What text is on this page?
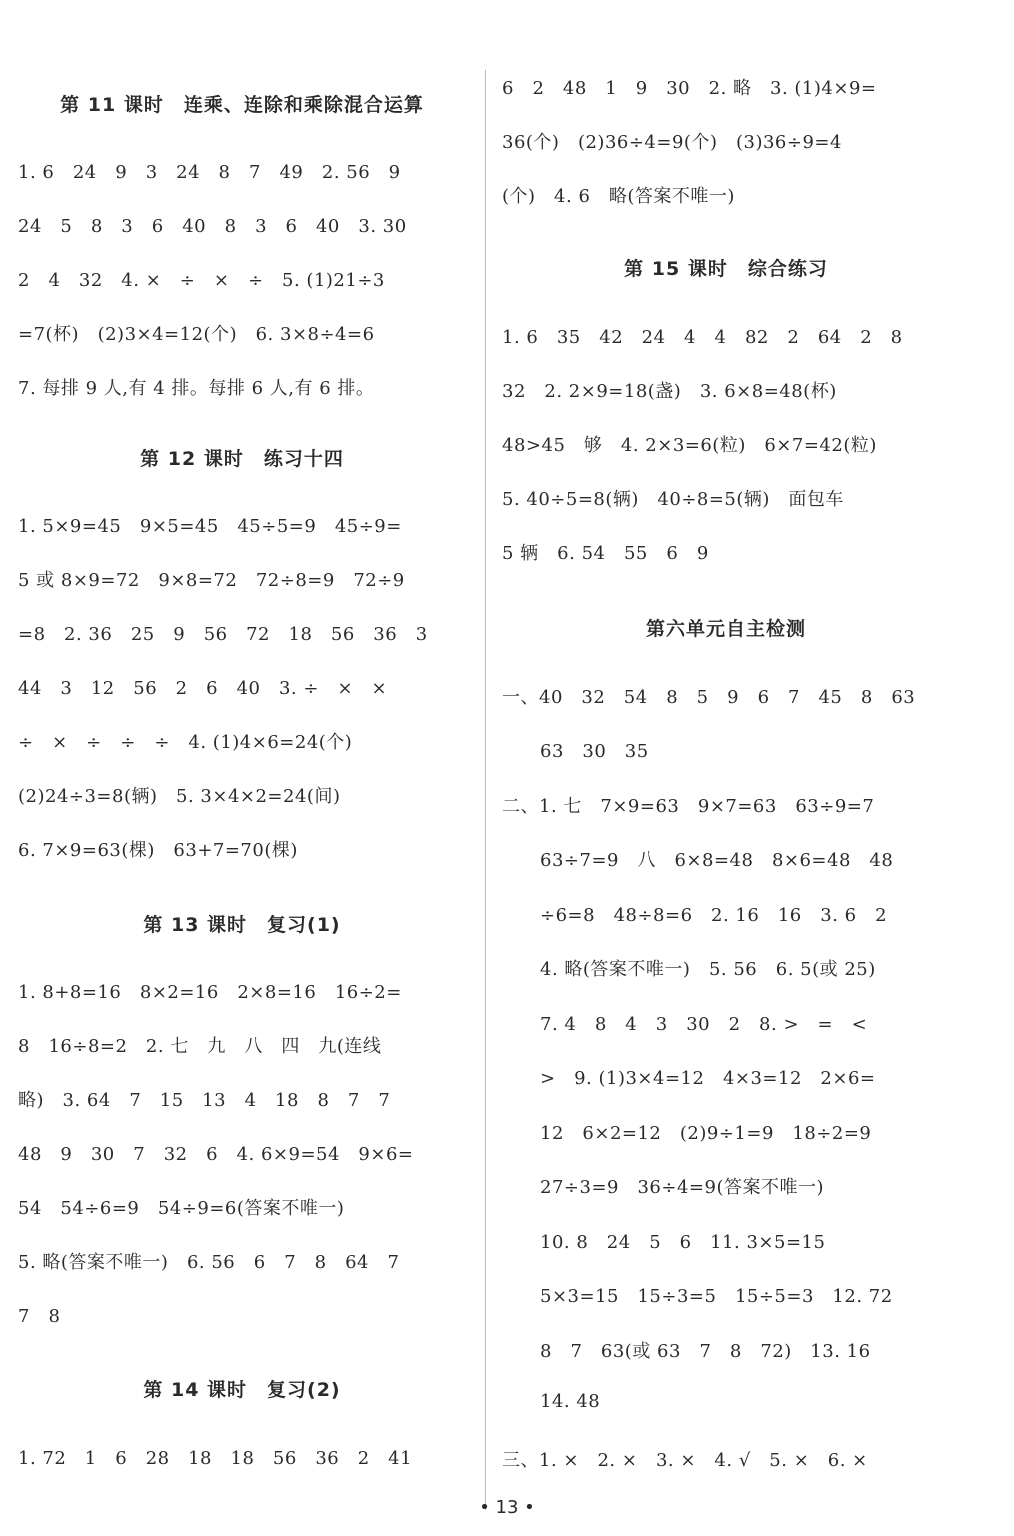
第 11 课时　连乘、连除和乘除混合运算
1. 6　24　9　3　24　8　7　49　2. 56　9
24　5　8　3　6　40　8　3　6　40　3. 30
2　4　32　4. ×　÷　×　÷　5. (1)21÷3
=7(杯)　(2)3×4=12(个)　6. 3×8÷4=6
7. 每排 9 人,有 4 排。每排 6 人,有 6 排。
第 12 课时　练习十四
1. 5×9=45　9×5=45　45÷5=9　45÷9=
5 或 8×9=72　9×8=72　72÷8=9　72÷9
=8　2. 36　25　9　56　72　18　56　36　3
44　3　12　56　2　6　40　3. ÷　×　×
÷　×　÷　÷　÷　4. (1)4×6=24(个)
(2)24÷3=8(辆)　5. 3×4×2=24(间)
6. 7×9=63(棵)　63+7=70(棵)
第 13 课时　复习(1)
1. 8+8=16　8×2=16　2×8=16　16÷2=
8　16÷8=2　2. 七　九　八　四　九(连线
略)　3. 64　7　15　13　4　18　8　7　7
48　9　30　7　32　6　4. 6×9=54　9×6=
54　54÷6=9　54÷9=6(答案不唯一)
5. 略(答案不唯一)　6. 56　6　7　8　64　7
7　8
第 14 课时　复习(2)
1. 72　1　6　28　18　18　56　36　2　41
6　2　48　1　9　30　2. 略　3. (1)4×9=
36(个)　(2)36÷4=9(个)　(3)36÷9=4
(个)　4. 6　略(答案不唯一)
第 15 课时　综合练习
1. 6　35　42　24　4　4　82　2　64　2　8
32　2. 2×9=18(盏)　3. 6×8=48(杯)
48>45　够　4. 2×3=6(粒)　6×7=42(粒)
5. 40÷5=8(辆)　40÷8=5(辆)　面包车
5 辆　6. 54　55　6　9
第六单元自主检测
一、40　32　54　8　5　9　6　7　45　8　63
63　30　35
二、1. 七　7×9=63　9×7=63　63÷9=7
63÷7=9　八　6×8=48　8×6=48　48
÷6=8　48÷8=6　2. 16　16　3. 6　2
4. 略(答案不唯一)　5. 56　6. 5(或 25)
7. 4　8　4　3　30　2　8. >　=　<
>　9. (1)3×4=12　4×3=12　2×6=
12　6×2=12　(2)9÷1=9　18÷2=9
27÷3=9　36÷4=9(答案不唯一)
10. 8　24　5　6　11. 3×5=15
5×3=15　15÷3=5　15÷5=3　12. 72
8　7　63(或 63　7　8　72)　13. 16
14. 48
三、1. ×　2. ×　3. ×　4. √　5. ×　6. ×
• 13 •
